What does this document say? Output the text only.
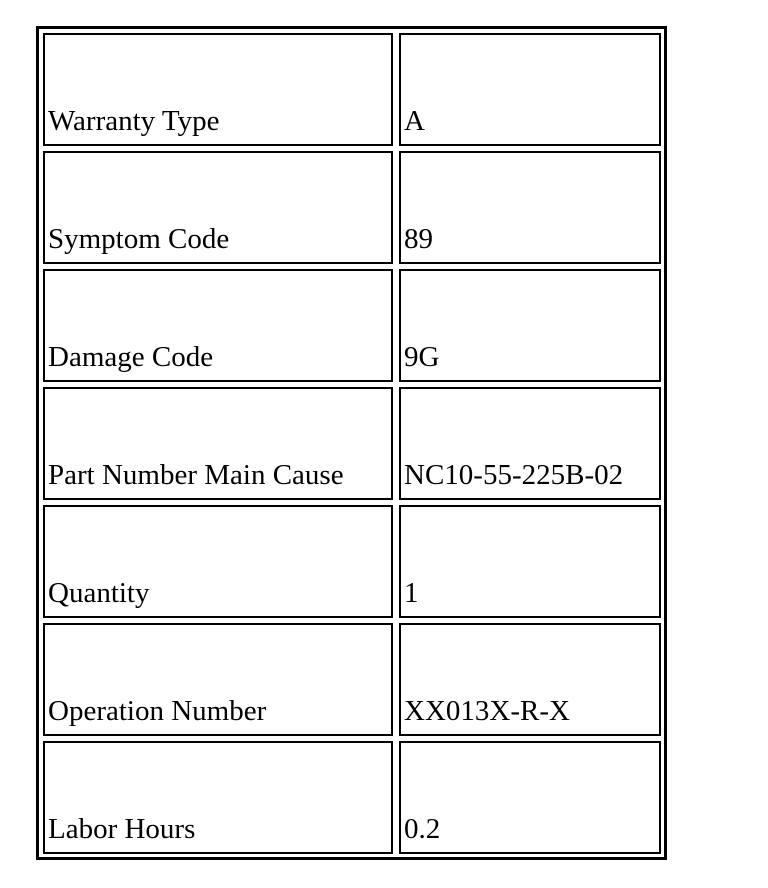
Warranty Type	A
Symptom Code	89
Damage Code	9G
Part Number Main Cause	NC10-55-225B-02
Quantity	1
Operation Number	XX013X-R-X
Labor Hours	0.2
